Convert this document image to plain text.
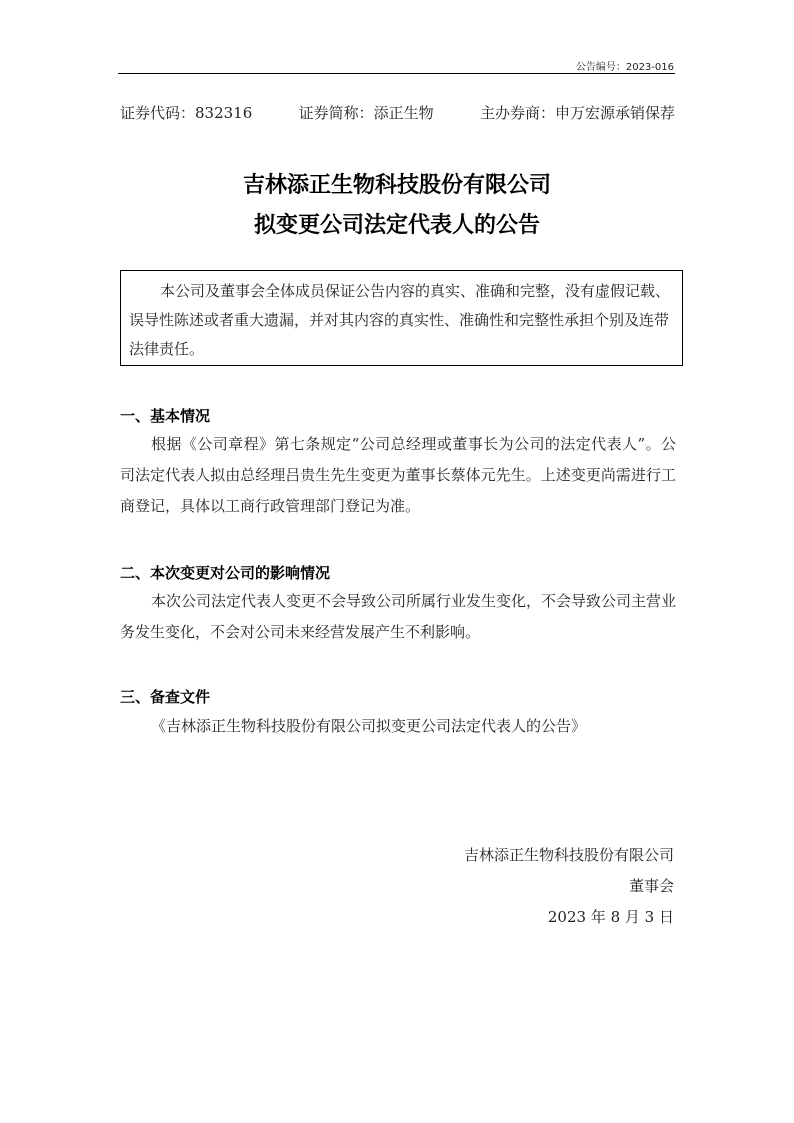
公告编号：2023-016
证券代码：832316	证券简称：添正生物	主办券商：申万宏源承销保荐
吉林添正生物科技股份有限公司
拟变更公司法定代表人的公告
本公司及董事会全体成员保证公告内容的真实、准确和完整，没有虚假记载、误导性陈述或者重大遗漏，并对其内容的真实性、准确性和完整性承担个别及连带法律责任。
一、基本情况
根据《公司章程》第七条规定“公司总经理或董事长为公司的法定代表人”。公司法定代表人拟由总经理吕贵生先生变更为董事长蔡体元先生。上述变更尚需进行工商登记，具体以工商行政管理部门登记为准。
二、本次变更对公司的影响情况
本次公司法定代表人变更不会导致公司所属行业发生变化，不会导致公司主营业务发生变化，不会对公司未来经营发展产生不利影响。
三、备查文件
《吉林添正生物科技股份有限公司拟变更公司法定代表人的公告》
吉林添正生物科技股份有限公司
董事会
2023 年 8 月 3 日
